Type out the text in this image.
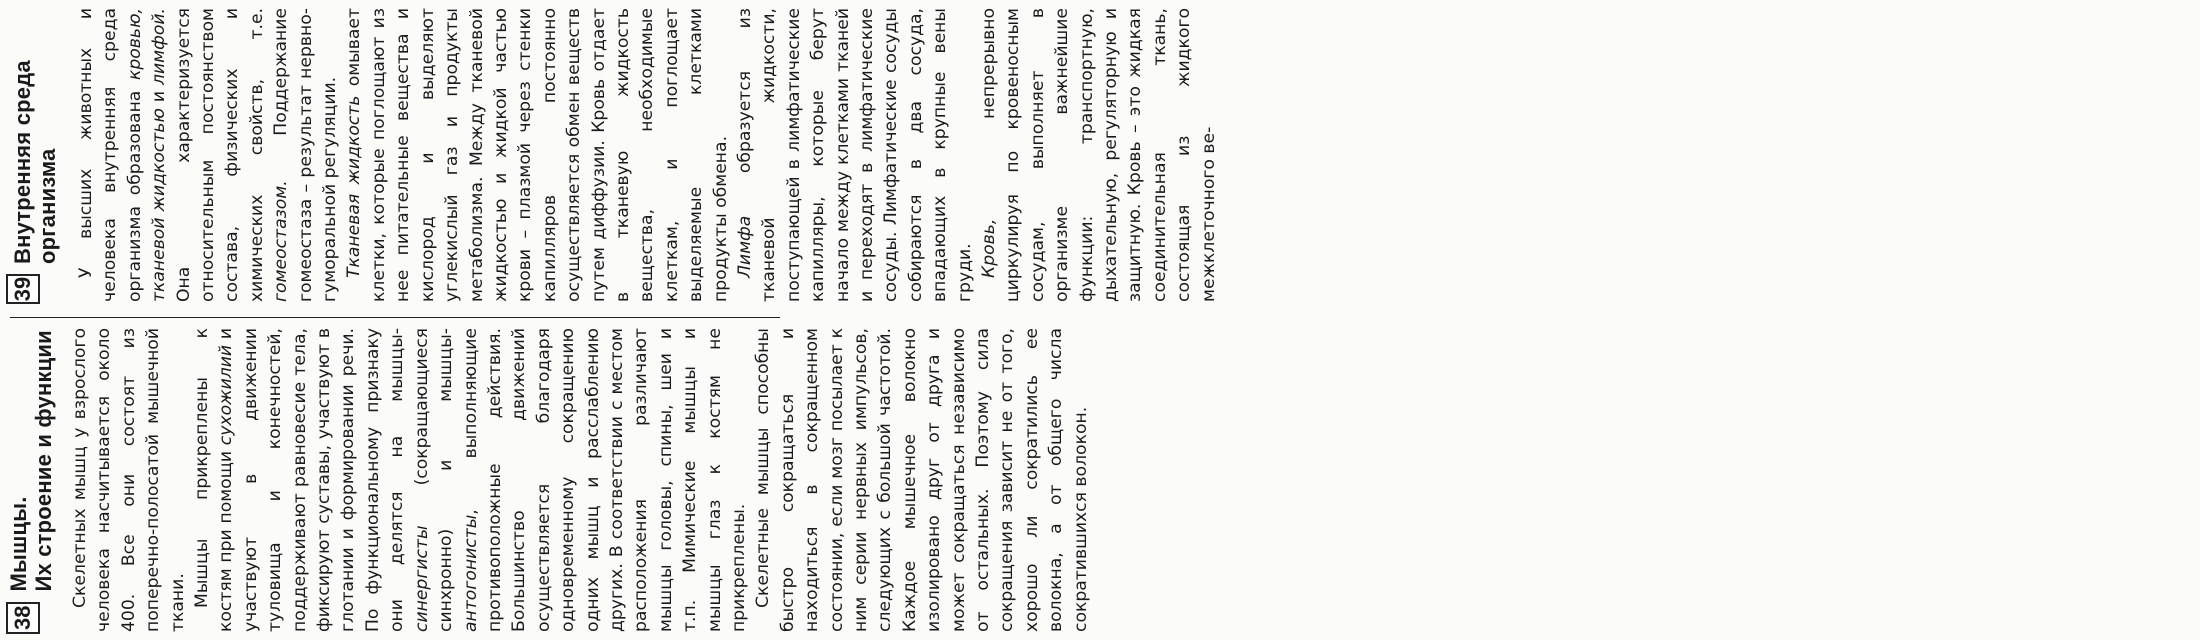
38
Мышцы. Их строение и функции Скелетных мышц у взрослого человека насчитывается около 400. Все они состоят из поперечно-полосатой мышечной ткани. Мышцы прикреплены к костям при помощи сухожилий и участвуют в движении туловища и конечностей, поддерживают равновесие тела, фиксируют суставы, участвуют в глотании и формировании речи. По функциональному признаку они делятся на мышцы- синергисты (сокращающиеся синхронно) и мышцы- антогонисты, выполняющие противоположные действия. Большинство движений осуществляется благодаря одновременному сокращению одних мышц и расслаблению других. В соответствии с местом расположения различают мышцы головы, спины, шеи и т.п. Мимические мышцы и мышцы глаз к костям не прикреплены. Скелетные мышцы способны быстро сокращаться и находиться в сокращенном состоянии, если мозг посылает к ним серии нервных импульсов, следующих с большой частотой. Каждое мышечное волокно изолировано друг от друга и может сокращаться независимо от остальных. Поэтому сила сокращения зависит не от того, хорошо ли сократились ее волокна, а от общего числа сократившихся волокон.

39
Внутренняя среда организма У высших животных и человека внутренняя среда организма образована кровью, тканевой жидкостью и лимфой. Она характеризуется относительным постоянством состава, физических и химических свойств, т.е. гомеостазом. Поддержание гомеостаза – результат нервно-гуморальной регуляции. Тканевая жидкость омывает клетки, которые поглощают из нее питательные вещества и кислород и выделяют углекислый газ и продукты метаболизма. Между тканевой жидкостью и жидкой частью крови – плазмой через стенки капилляров постоянно осуществляется обмен веществ путем диффузии. Кровь отдает в тканевую жидкость вещества, необходимые клеткам, и поглощает выделяемые клетками продукты обмена. Лимфа образуется из тканевой жидкости, поступающей в лимфатические капилляры, которые берут начало между клетками тканей и переходят в лимфатические сосуды. Лимфатические сосуды собираются в два сосуда, впадающих в крупные вены груди. Кровь, непрерывно циркулируя по кровеносным сосудам, выполняет в организме важнейшие функции: транспортную, дыхательную, регуляторную и защитную. Кровь – это жидкая соединительная ткань, состоящая из жидкого межклеточного ве-
